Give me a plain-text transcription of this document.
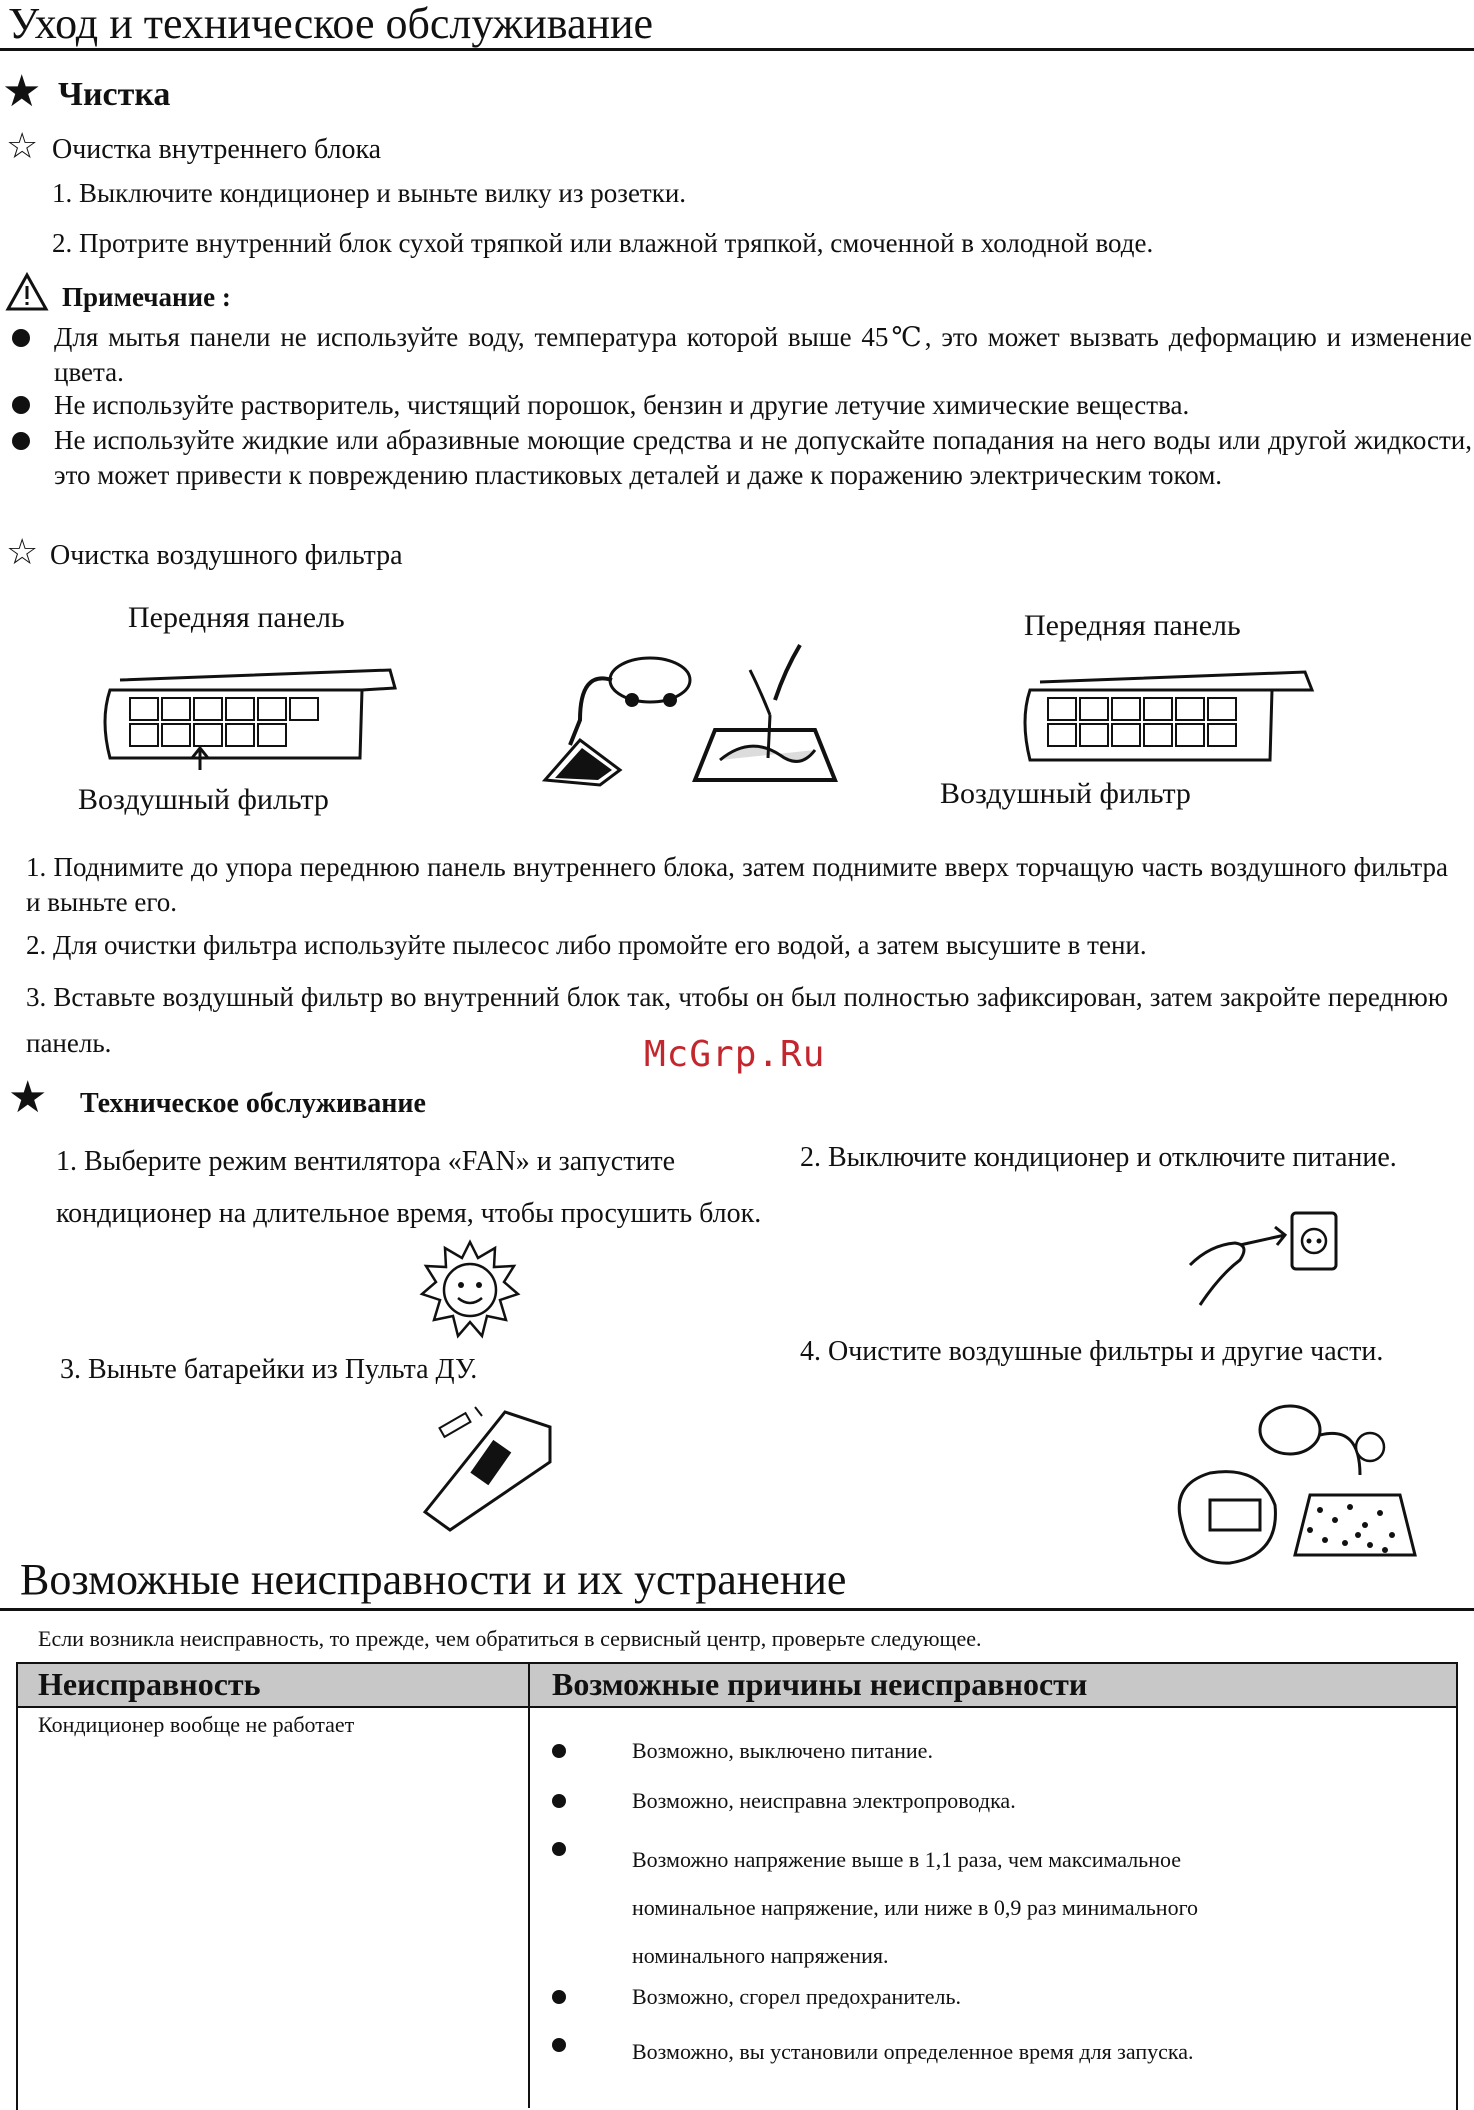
Уход и техническое обслуживание
★ Чистка
☆ Очистка внутреннего блока
1. Выключите кондиционер и выньте вилку из розетки.
2. Протрите внутренний блок сухой тряпкой или влажной тряпкой, смоченной в холодной воде.
Примечание :
Для мытья панели не используйте воду, температура которой выше 45℃, это может вызвать деформацию и изменение цвета.
Не используйте растворитель, чистящий порошок, бензин и другие летучие химические вещества.
Не используйте жидкие или абразивные моющие средства и не допускайте попадания на него воды или другой жидкости, это может привести к повреждению пластиковых деталей и даже к поражению электрическим током.
☆ Очистка воздушного фильтра
Передняя панель
Воздушный фильтр
Передняя панель
Воздушный фильтр
1. Поднимите до упора переднюю панель внутреннего блока, затем поднимите вверх торчащую часть воздушного фильтра и выньте его.
2. Для очистки фильтра используйте пылесос либо промойте его водой, а затем высушите в тени.
3. Вставьте воздушный фильтр во внутренний блок так, чтобы он был полностью зафиксирован, затем закройте переднюю панель.	McGrp.Ru
★ Техническое обслуживание
1. Выберите режим вентилятора «FAN» и запустите кондиционер на длительное время, чтобы просушить блок.
2. Выключите кондиционер и отключите питание.
3. Выньте батарейки из Пульта ДУ.
4. Очистите воздушные фильтры и другие части.
Возможные неисправности и их устранение
Если возникла неисправность, то прежде, чем обратиться в сервисный центр, проверьте следующее.
Неисправность	Возможные причины неисправности
Кондиционер вообще не работает
Возможно, выключено питание.
Возможно, неисправна электропроводка.
Возможно напряжение выше в 1,1 раза, чем максимальное номинальное напряжение, или ниже в 0,9 раз минимального номинального напряжения.
Возможно, сгорел предохранитель.
Возможно, вы установили определенное время для запуска.
